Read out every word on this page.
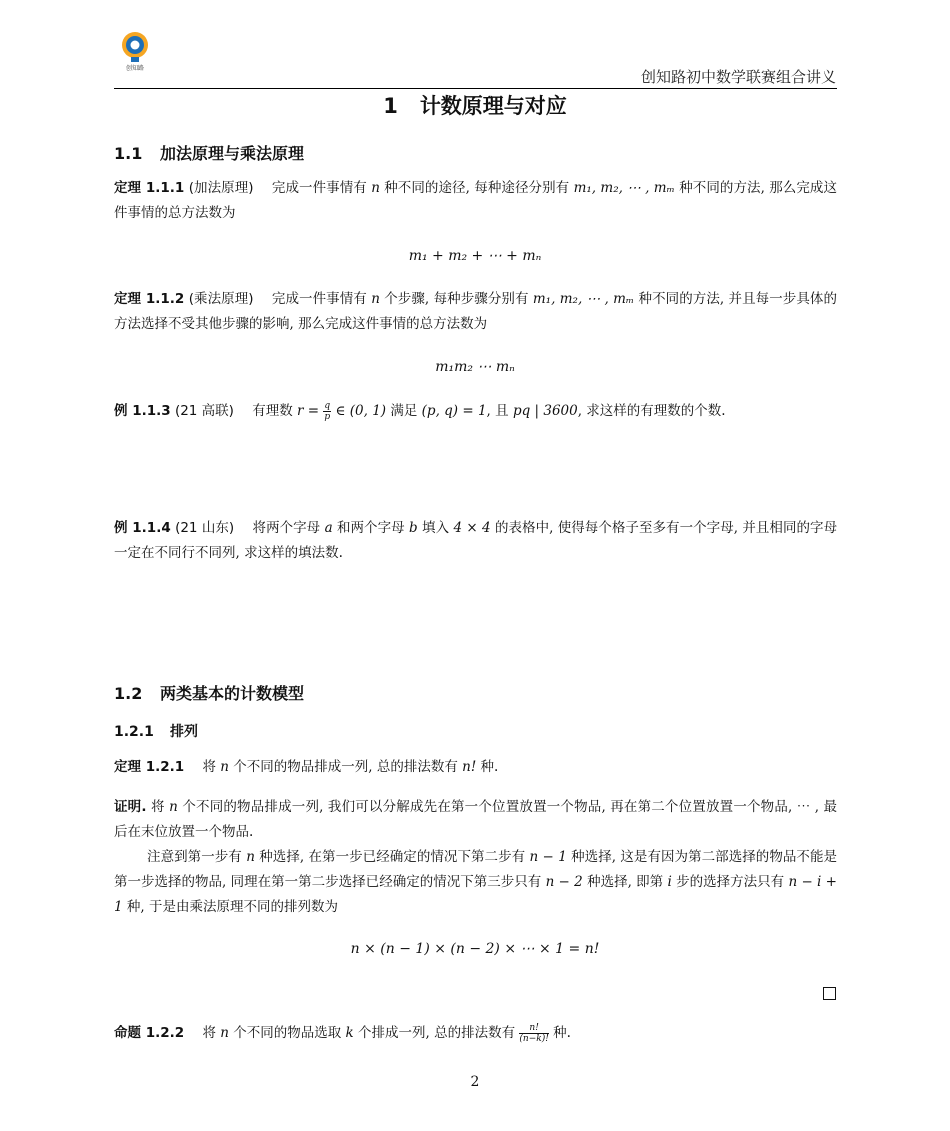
创知路	创知路初中数学联赛组合讲义
1 计数原理与对应
1.1 加法原理与乘法原理
定理 1.1.1 (加法原理) 完成一件事情有 n 种不同的途径, 每种途径分别有 m₁, m₂, ⋯ , mₘ 种不同的方法, 那么完成这件事情的总方法数为
m₁ + m₂ + ⋯ + mₙ
定理 1.1.2 (乘法原理) 完成一件事情有 n 个步骤, 每种步骤分别有 m₁, m₂, ⋯ , mₘ 种不同的方法, 并且每一步具体的方法选择不受其他步骤的影响, 那么完成这件事情的总方法数为
m₁m₂ ⋯ mₙ
例 1.1.3 (21 高联) 有理数 $r = \frac{q}{p}$ ∈ (0, 1) 满足 (p, q) = 1, 且 pq | 3600, 求这样的有理数的个数.
例 1.1.4 (21 山东) 将两个字母 a 和两个字母 b 填入 4 × 4 的表格中, 使得每个格子至多有一个字母, 并且相同的字母一定在不同行不同列, 求这样的填法数.
1.2 两类基本的计数模型
1.2.1 排列
定理 1.2.1 将 n 个不同的物品排成一列, 总的排法数有 n! 种.
证明. 将 n 个不同的物品排成一列, 我们可以分解成先在第一个位置放置一个物品, 再在第二个位置放置一个物品, ⋯ , 最后在末位放置一个物品.
注意到第一步有 n 种选择, 在第一步已经确定的情况下第二步有 n − 1 种选择, 这是有因为第二部选择的物品不能是第一步选择的物品, 同理在第一第二步选择已经确定的情况下第三步只有 n − 2 种选择, 即第 i 步的选择方法只有 n − i + 1 种, 于是由乘法原理不同的排列数为
n × (n − 1) × (n − 2) × ⋯ × 1 = n!
命题 1.2.2 将 n 个不同的物品选取 k 个排成一列, 总的排法数有 $\frac{n!}{(n-k)!}$ 种.
2
